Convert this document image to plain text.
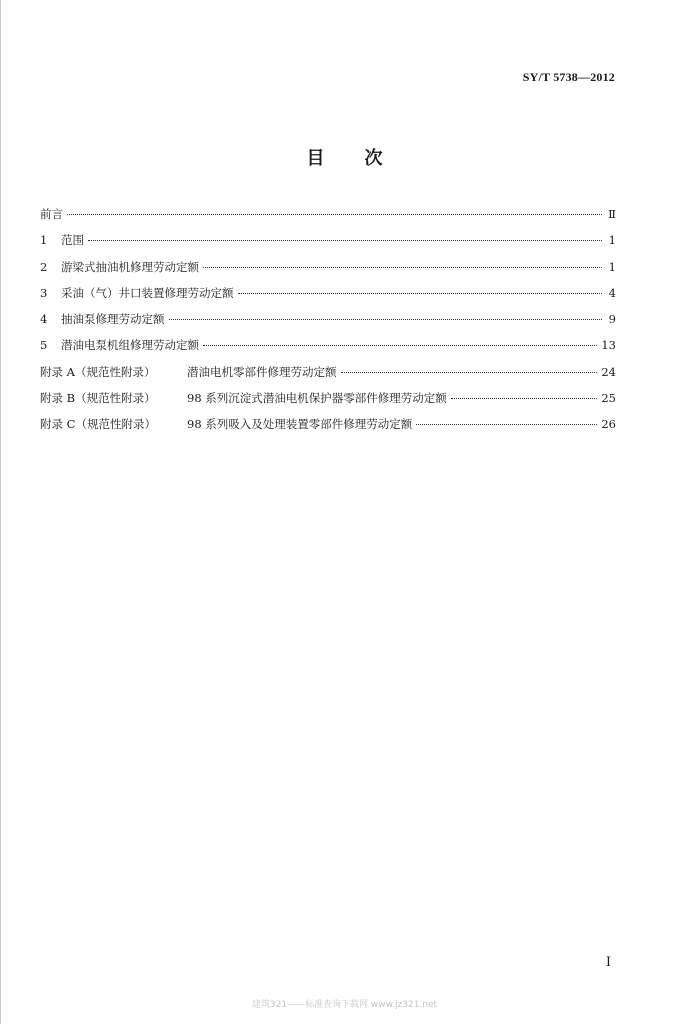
SY/T 5738—2012
目 次
前言	Ⅱ
1	范围	1
2	游梁式抽油机修理劳动定额	1
3	采油（气）井口装置修理劳动定额	4
4	抽油泵修理劳动定额	9
5	潜油电泵机组修理劳动定额	13
附录 A（规范性附录）	潜油电机零部件修理劳动定额	24
附录 B（规范性附录）	98 系列沉淀式潜油电机保护器零部件修理劳动定额	25
附录 C（规范性附录）	98 系列吸入及处理装置零部件修理劳动定额	26
I
建筑321——标准查询下载网 www.jz321.net
